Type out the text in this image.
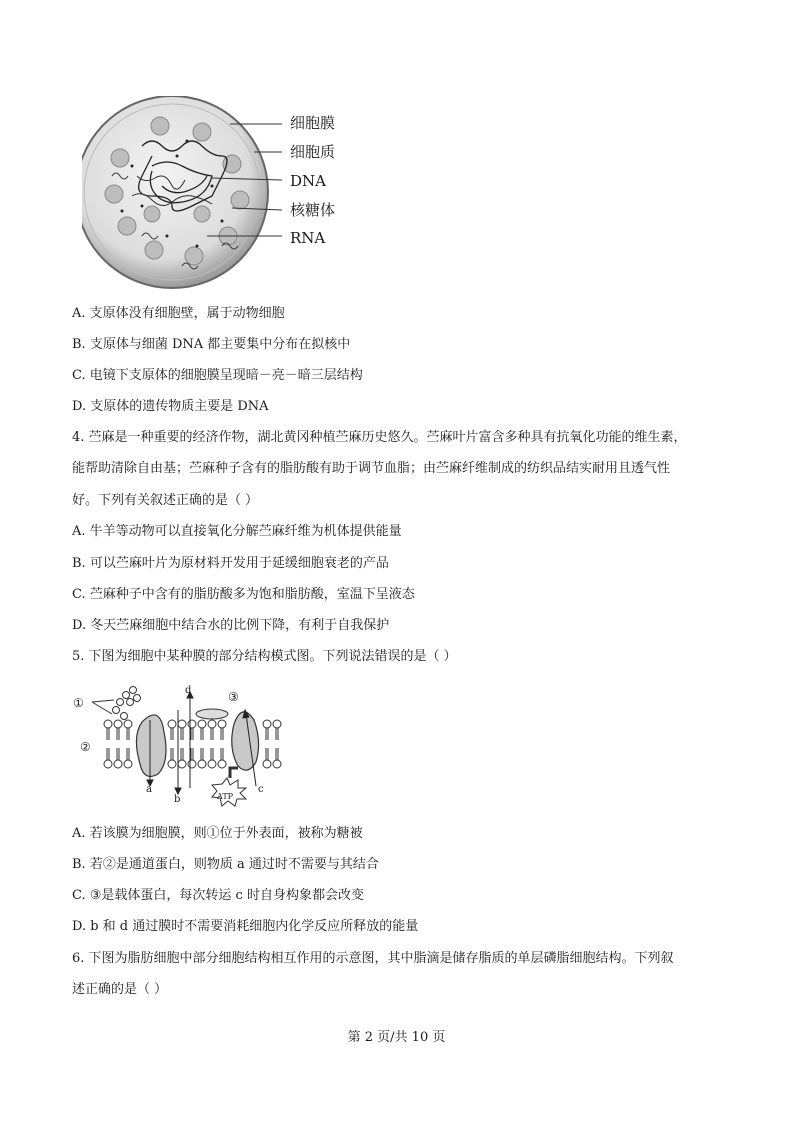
细胞膜
细胞质
DNA
核糖体
RNA
A. 支原体没有细胞壁，属于动物细胞
B. 支原体与细菌 DNA 都主要集中分布在拟核中
C. 电镜下支原体的细胞膜呈现暗－亮－暗三层结构
D. 支原体的遗传物质主要是 DNA
4. 苎麻是一种重要的经济作物，湖北黄冈种植苎麻历史悠久。苎麻叶片富含多种具有抗氧化功能的维生素，
能帮助清除自由基；苎麻种子含有的脂肪酸有助于调节血脂；由苎麻纤维制成的纺织品结实耐用且透气性
好。下列有关叙述正确的是（ ）
A. 牛羊等动物可以直接氧化分解苎麻纤维为机体提供能量
B. 可以苎麻叶片为原材料开发用于延缓细胞衰老的产品
C. 苎麻种子中含有的脂肪酸多为饱和脂肪酸，室温下呈液态
D. 冬天苎麻细胞中结合水的比例下降，有利于自我保护
5. 下图为细胞中某种膜的部分结构模式图。下列说法错误的是（ ）
①
②
③
a
b
c
d
ATP
A. 若该膜为细胞膜，则①位于外表面，被称为糖被
B. 若②是通道蛋白，则物质 a 通过时不需要与其结合
C. ③是载体蛋白，每次转运 c 时自身构象都会改变
D. b 和 d 通过膜时不需要消耗细胞内化学反应所释放的能量
6. 下图为脂肪细胞中部分细胞结构相互作用的示意图，其中脂滴是储存脂质的单层磷脂细胞结构。下列叙
述正确的是（ ）
第 2 页/共 10 页
